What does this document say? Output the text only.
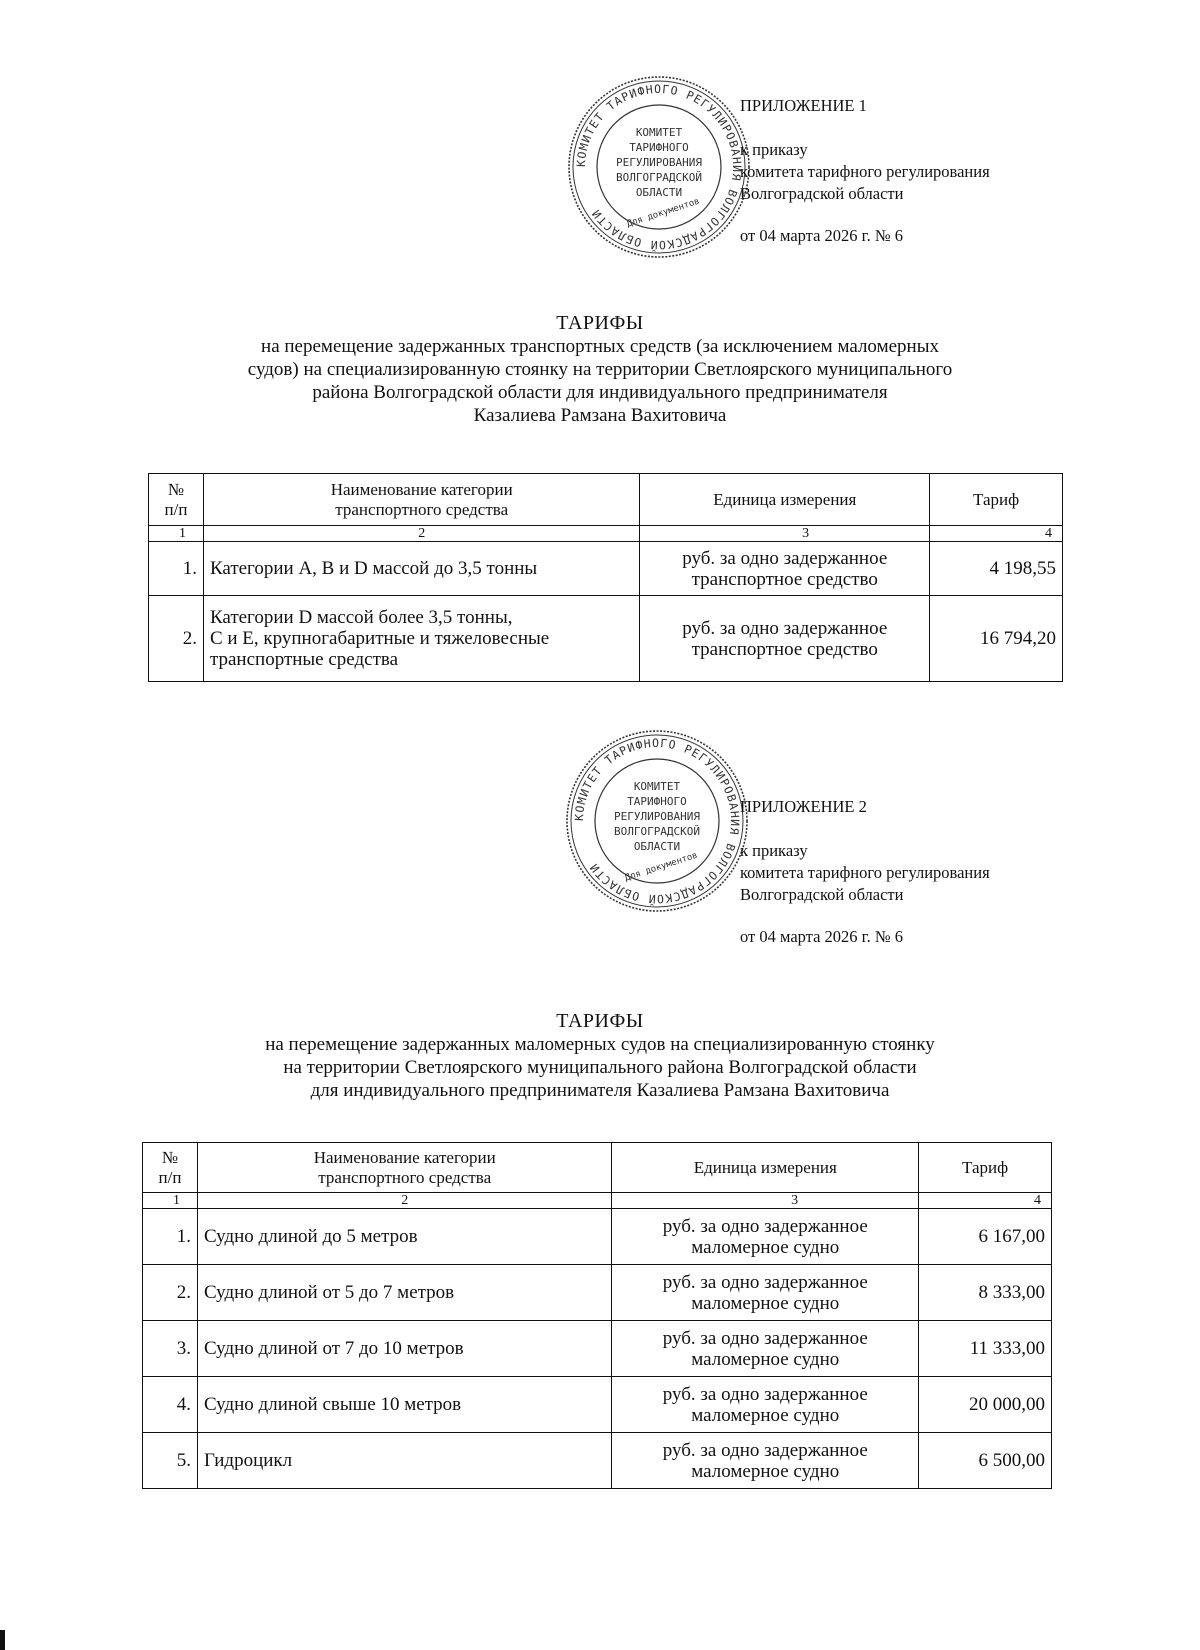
КОМИТЕТ ТАРИФНОГО РЕГУЛИРОВАНИЯ ВОЛГОГРАДСКОЙ ОБЛАСТИ
КОМИТЕТ
ТАРИФНОГО
РЕГУЛИРОВАНИЯ
ВОЛГОГРАДСКОЙ
ОБЛАСТИ
Для документов
ПРИЛОЖЕНИЕ 1
к приказу
комитета тарифного регулирования
Волгоградской области
от 04 марта 2026 г. № 6
ТАРИФЫ
на перемещение задержанных транспортных средств (за исключением маломерных
судов) на специализированную стоянку на территории Светлоярского муниципального
района Волгоградской области для индивидуального предпринимателя
Казалиева Рамзана Вахитовича
№
п/п	Наименование категории
транспортного средства	Единица измерения	Тариф
1	2	3	4
1.	Категории A, B и D массой до 3,5 тонны	руб. за одно задержанное
транспортное средство	4 198,55
2.	Категории D массой более 3,5 тонны,
C и E, крупногабаритные и тяжеловесные
транспортные средства	руб. за одно задержанное
транспортное средство	16 794,20
КОМИТЕТ ТАРИФНОГО РЕГУЛИРОВАНИЯ ВОЛГОГРАДСКОЙ ОБЛАСТИ
КОМИТЕТ
ТАРИФНОГО
РЕГУЛИРОВАНИЯ
ВОЛГОГРАДСКОЙ
ОБЛАСТИ
Для документов
ПРИЛОЖЕНИЕ 2
к приказу
комитета тарифного регулирования
Волгоградской области
от 04 марта 2026 г. № 6
ТАРИФЫ
на перемещение задержанных маломерных судов на специализированную стоянку
на территории Светлоярского муниципального района Волгоградской области
для индивидуального предпринимателя Казалиева Рамзана Вахитовича
№
п/п	Наименование категории
транспортного средства	Единица измерения	Тариф
1	2	3	4
1.	Судно длиной до 5 метров	руб. за одно задержанное
маломерное судно	6 167,00
2.	Судно длиной от 5 до 7 метров	руб. за одно задержанное
маломерное судно	8 333,00
3.	Судно длиной от 7 до 10 метров	руб. за одно задержанное
маломерное судно	11 333,00
4.	Судно длиной свыше 10 метров	руб. за одно задержанное
маломерное судно	20 000,00
5.	Гидроцикл	руб. за одно задержанное
маломерное судно	6 500,00
